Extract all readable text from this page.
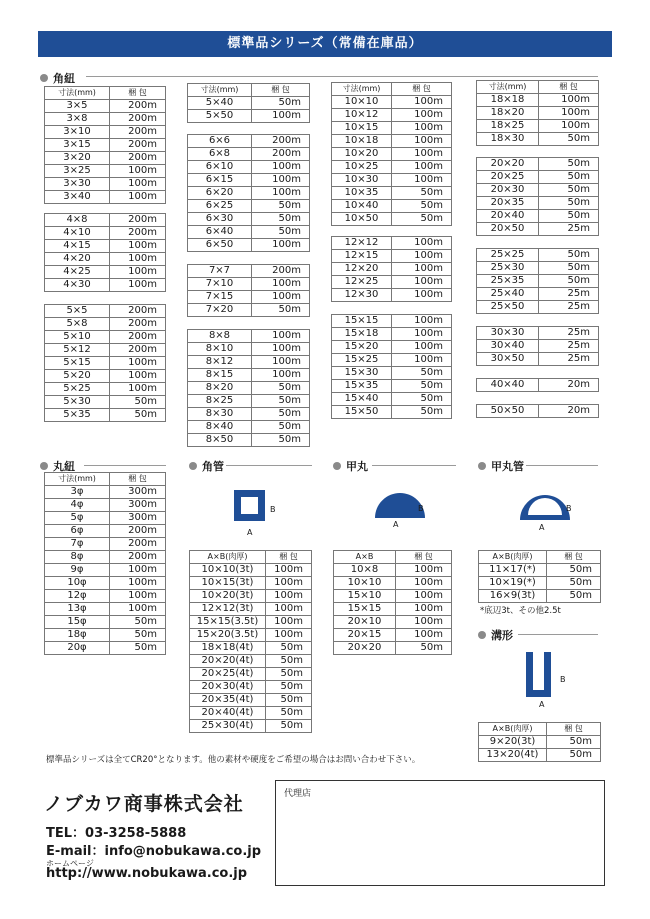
標準品シリーズ（常備在庫品）
角紐
丸紐	角管	甲丸	甲丸管
溝形
寸法(mm)	梱 包
3×5	200m
3×8	200m
3×10	200m
3×15	200m
3×20	200m
3×25	100m
3×30	100m
3×40	100m
4×8	200m
4×10	200m
4×15	100m
4×20	100m
4×25	100m
4×30	100m
5×5	200m
5×8	200m
5×10	200m
5×12	200m
5×15	100m
5×20	100m
5×25	100m
5×30	50m
5×35	50m
寸法(mm)	梱 包
5×40	50m
5×50	100m
6×6	200m
6×8	200m
6×10	100m
6×15	100m
6×20	100m
6×25	50m
6×30	50m
6×40	50m
6×50	100m
7×7	200m
7×10	100m
7×15	100m
7×20	50m
8×8	100m
8×10	100m
8×12	100m
8×15	100m
8×20	50m
8×25	50m
8×30	50m
8×40	50m
8×50	50m
寸法(mm)	梱 包
10×10	100m
10×12	100m
10×15	100m
10×18	100m
10×20	100m
10×25	100m
10×30	100m
10×35	50m
10×40	50m
10×50	50m
12×12	100m
12×15	100m
12×20	100m
12×25	100m
12×30	100m
15×15	100m
15×18	100m
15×20	100m
15×25	100m
15×30	50m
15×35	50m
15×40	50m
15×50	50m
寸法(mm)	梱 包
18×18	100m
18×20	100m
18×25	100m
18×30	50m
20×20	50m
20×25	50m
20×30	50m
20×35	50m
20×40	50m
20×50	25m
25×25	50m
25×30	50m
25×35	50m
25×40	25m
25×50	25m
30×30	25m
30×40	25m
30×50	25m
40×40	20m
50×50	20m
寸法(mm)	梱 包
3φ	300m
4φ	300m
5φ	300m
6φ	200m
7φ	200m
8φ	200m
9φ	100m
10φ	100m
12φ	100m
13φ	100m
15φ	50m
18φ	50m
20φ	50m
A×B(肉厚)	梱 包
10×10(3t)	100m
10×15(3t)	100m
10×20(3t)	100m
12×12(3t)	100m
15×15(3.5t)	100m
15×20(3.5t)	100m
18×18(4t)	50m
20×20(4t)	50m
20×25(4t)	50m
20×30(4t)	50m
20×35(4t)	50m
20×40(4t)	50m
25×30(4t)	50m
A×B	梱 包
10×8	100m
10×10	100m
15×10	100m
15×15	100m
20×10	100m
20×15	100m
20×20	50m
A×B(肉厚)	梱 包
11×17(*)	50m
10×19(*)	50m
16×9(3t)	50m
A×B(肉厚)	梱 包
9×20(3t)	50m
13×20(4t)	50m
B
A
B
A
B
A
B
A
*底辺3t、その他2.5t
標準品シリーズは全てCR20°となります。他の素材や硬度をご希望の場合はお問い合わせ下さい。
ノブカワ商事株式会社
TEL：03-3258-5888
E-mail：info@nobukawa.co.jp
ホームページ
http://www.nobukawa.co.jp
代理店
